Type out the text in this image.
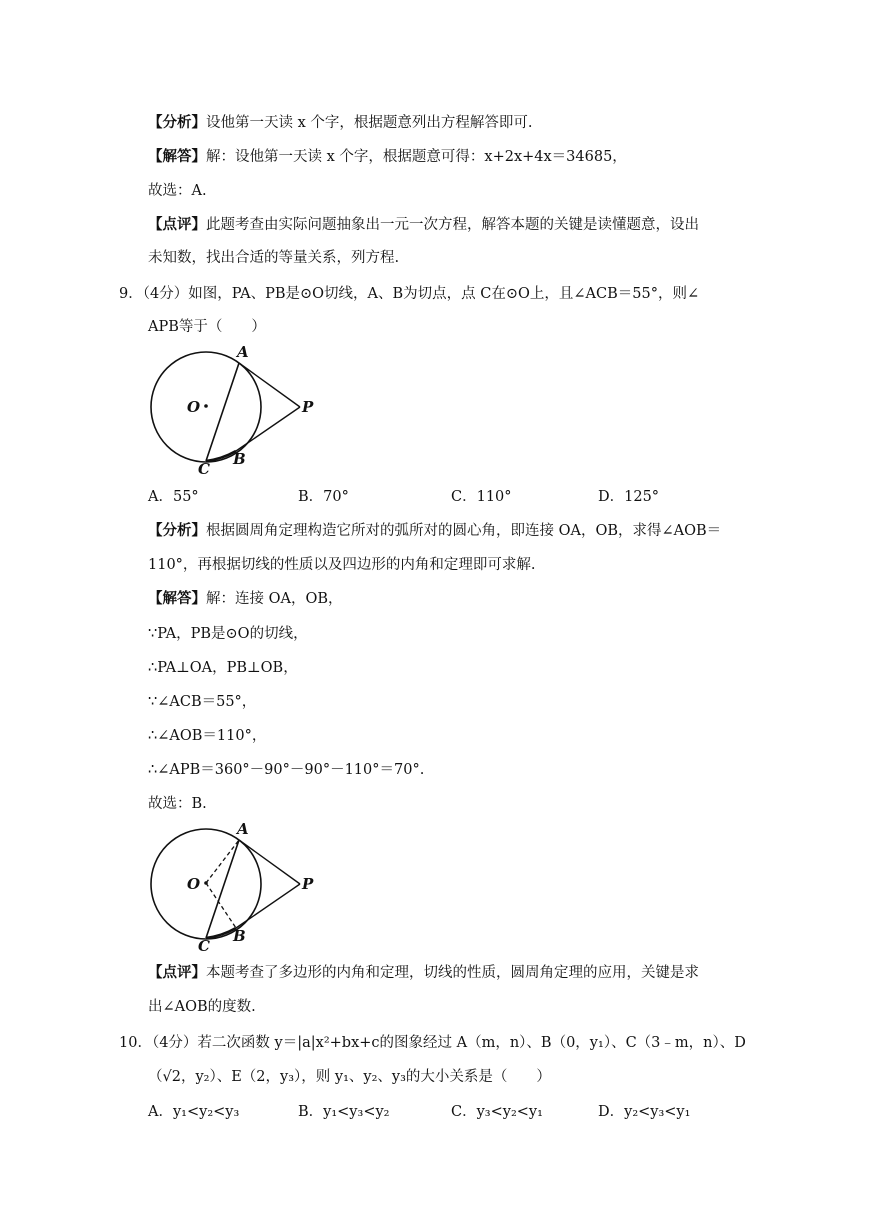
【分析】设他第一天读 x 个字，根据题意列出方程解答即可.
【解答】解：设他第一天读 x 个字，根据题意可得：x+2x+4x＝34685，
故选：A.
【点评】此题考查由实际问题抽象出一元一次方程，解答本题的关键是读懂题意，设出
未知数，找出合适的等量关系，列方程.
9．（4分）如图，PA、PB是⊙O切线，A、B为切点，点 C在⊙O上，且∠ACB＝55°，则∠
APB等于（　　）
A
O	P
C
B
A．55°	B．70°	C．110°	D．125°
【分析】根据圆周角定理构造它所对的弧所对的圆心角，即连接 OA，OB，求得∠AOB＝
110°，再根据切线的性质以及四边形的内角和定理即可求解.
【解答】解：连接 OA，OB，
∵PA，PB是⊙O的切线，
∴PA⊥OA，PB⊥OB，
∵∠ACB＝55°，
∴∠AOB＝110°，
∴∠APB＝360°－90°－90°－110°＝70°.
故选：B.
A
O	P
C
B
【点评】本题考查了多边形的内角和定理，切线的性质，圆周角定理的应用，关键是求
出∠AOB的度数.
10．（4分）若二次函数 y＝|a|x²+bx+c的图象经过 A（m，n）、B（0，y₁）、C（3﹣m，n）、D
（√2，y₂）、E（2，y₃），则 y₁、y₂、y₃的大小关系是（　　）
A．y₁<y₂<y₃	B．y₁<y₃<y₂	C．y₃<y₂<y₁	D．y₂<y₃<y₁
